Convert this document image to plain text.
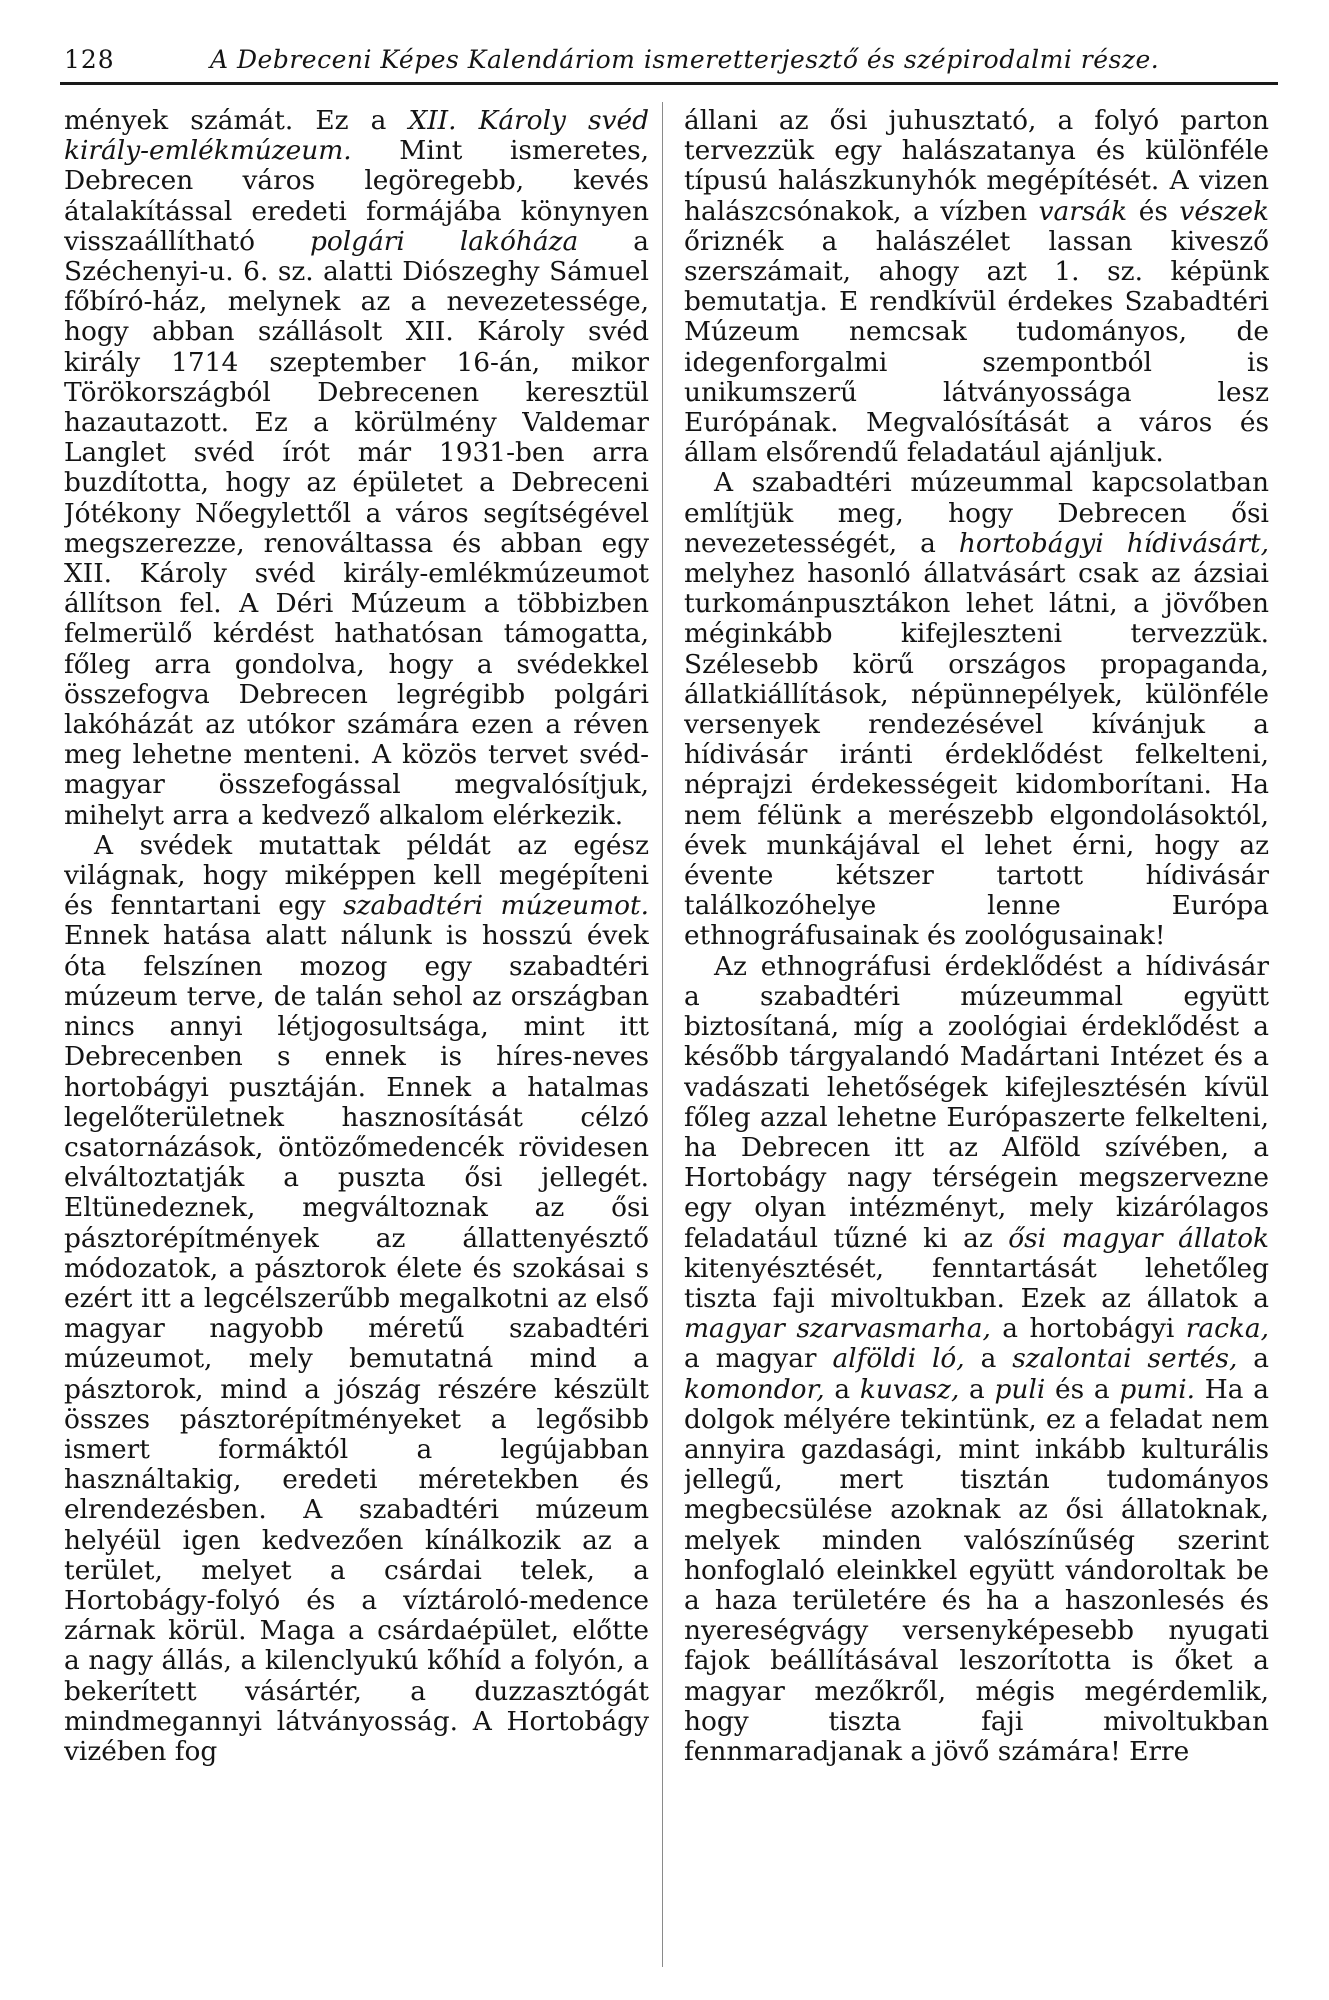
128	A Debreceni Képes Kalendáriom ismeretterjesztő és szépirodalmi része.

mények számát. Ez a XII. Károly svéd király-emlékmúzeum. Mint ismeretes, Debrecen város legöregebb, kevés átalakítással eredeti formájába könynyen visszaállítható polgári lakóháza a Széchenyi-u. 6. sz. alatti Diószeghy Sámuel főbíró-ház, melynek az a nevezetessége, hogy abban szállásolt XII. Károly svéd király 1714 szeptember 16-án, mikor Törökországból Debrecenen keresztül hazautazott. Ez a körülmény Valdemar Langlet svéd írót már 1931-ben arra buzdította, hogy az épületet a Debreceni Jótékony Nőegylettől a város segítségével megszerezze, renováltassa és abban egy XII. Károly svéd király-emlékmúzeumot állítson fel. A Déri Múzeum a többizben felmerülő kérdést hathatósan támogatta, főleg arra gondolva, hogy a svédekkel összefogva Debrecen legrégibb polgári lakóházát az utókor számára ezen a réven meg lehetne menteni. A közös tervet svéd-magyar összefogással megvalósítjuk, mihelyt arra a kedvező alkalom elérkezik.

A svédek mutattak példát az egész világnak, hogy miképpen kell megépíteni és fenntartani egy szabadtéri múzeumot. Ennek hatása alatt nálunk is hosszú évek óta felszínen mozog egy szabadtéri múzeum terve, de talán sehol az országban nincs annyi létjogosultsága, mint itt Debrecenben s ennek is híres-neves hortobágyi pusztáján. Ennek a hatalmas legelőterületnek hasznosítását célzó csatornázások, öntözőmedencék rövidesen elváltoztatják a puszta ősi jellegét. Eltünedeznek, megváltoznak az ősi pásztorépítmények az állattenyésztő módozatok, a pásztorok élete és szokásai s ezért itt a legcélszerűbb megalkotni az első magyar nagyobb méretű szabadtéri múzeumot, mely bemutatná mind a pásztorok, mind a jószág részére készült összes pásztorépítményeket a legősibb ismert formáktól a legújabban használtakig, eredeti méretekben és elrendezésben. A szabadtéri múzeum helyéül igen kedvezően kínálkozik az a terület, melyet a csárdai telek, a Hortobágy-folyó és a víztároló-medence zárnak körül. Maga a csárdaépület, előtte a nagy állás, a kilenclyukú kőhíd a folyón, a bekerített vásártér, a duzzasztógát mindmegannyi látványosság. A Hortobágy vizében fog

állani az ősi juhusztató, a folyó parton tervezzük egy halászatanya és különféle típusú halászkunyhók megépítését. A vizen halászcsónakok, a vízben varsák és vészek őriznék a halászélet lassan kivesző szerszámait, ahogy azt 1. sz. képünk bemutatja. E rendkívül érdekes Szabadtéri Múzeum nemcsak tudományos, de idegenforgalmi szempontból is unikumszerű látványossága lesz Európának. Megvalósítását a város és állam elsőrendű feladatául ajánljuk.

A szabadtéri múzeummal kapcsolatban említjük meg, hogy Debrecen ősi nevezetességét, a hortobágyi hídivásárt, melyhez hasonló állatvásárt csak az ázsiai turkománpusztákon lehet látni, a jövőben méginkább kifejleszteni tervezzük. Szélesebb körű országos propaganda, állatkiállítások, népünnepélyek, különféle versenyek rendezésével kívánjuk a hídivásár iránti érdeklődést felkelteni, néprajzi érdekességeit kidomborítani. Ha nem félünk a merészebb elgondolásoktól, évek munkájával el lehet érni, hogy az évente kétszer tartott hídivásár találkozóhelye lenne Európa ethnográfusainak és zoológusainak!

Az ethnográfusi érdeklődést a hídivásár a szabadtéri múzeummal együtt biztosítaná, míg a zoológiai érdeklődést a később tárgyalandó Madártani Intézet és a vadászati lehetőségek kifejlesztésén kívül főleg azzal lehetne Európaszerte felkelteni, ha Debrecen itt az Alföld szívében, a Hortobágy nagy térségein megszervezne egy olyan intézményt, mely kizárólagos feladatául tűzné ki az ősi magyar állatok kitenyésztését, fenntartását lehetőleg tiszta faji mivoltukban. Ezek az állatok a magyar szarvasmarha, a hortobágyi racka, a magyar alföldi ló, a szalontai sertés, a komondor, a kuvasz, a puli és a pumi. Ha a dolgok mélyére tekintünk, ez a feladat nem annyira gazdasági, mint inkább kulturális jellegű, mert tisztán tudományos megbecsülése azoknak az ősi állatoknak, melyek minden valószínűség szerint honfoglaló eleinkkel együtt vándoroltak be a haza területére és ha a haszonlesés és nyereségvágy versenyképesebb nyugati fajok beállításával leszorította is őket a magyar mezőkről, mégis megérdemlik, hogy tiszta faji mivoltukban fennmaradjanak a jövő számára! Erre
